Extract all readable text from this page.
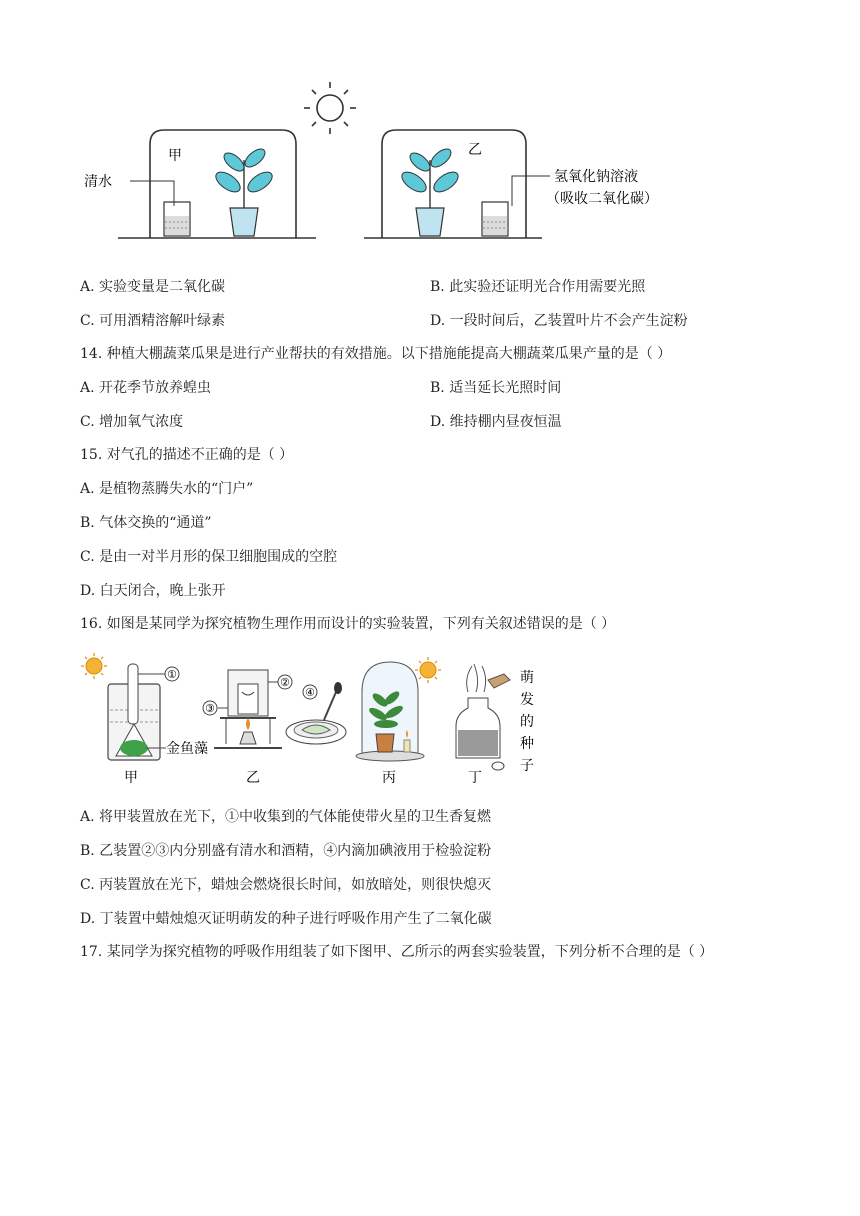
甲	乙
清水	氢氧化钠溶液
（吸收二氧化碳）
A. 实验变量是二氧化碳	B. 此实验还证明光合作用需要光照
C. 可用酒精溶解叶绿素	D. 一段时间后，乙装置叶片不会产生淀粉
14. 种植大棚蔬菜瓜果是进行产业帮扶的有效措施。以下措施能提高大棚蔬菜瓜果产量的是（ ）
A. 开花季节放养蝗虫	B. 适当延长光照时间
C. 增加氧气浓度	D. 维持棚内昼夜恒温
15. 对气孔的描述不正确的是（ ）
A. 是植物蒸腾失水的“门户”
B. 气体交换的“通道”
C. 是由一对半月形的保卫细胞围成的空腔
D. 白天闭合，晚上张开
16. 如图是某同学为探究植物生理作用而设计的实验装置，下列有关叙述错误的是（ ）
①
金鱼藻
甲
②
③
④
乙	丙	丁
萌
发
的
种
子
A. 将甲装置放在光下，①中收集到的气体能使带火星的卫生香复燃
B. 乙装置②③内分别盛有清水和酒精，④内滴加碘液用于检验淀粉
C. 丙装置放在光下，蜡烛会燃烧很长时间，如放暗处，则很快熄灭
D. 丁装置中蜡烛熄灭证明萌发的种子进行呼吸作用产生了二氧化碳
17. 某同学为探究植物的呼吸作用组装了如下图甲、乙所示的两套实验装置，下列分析不合理的是（ ）
